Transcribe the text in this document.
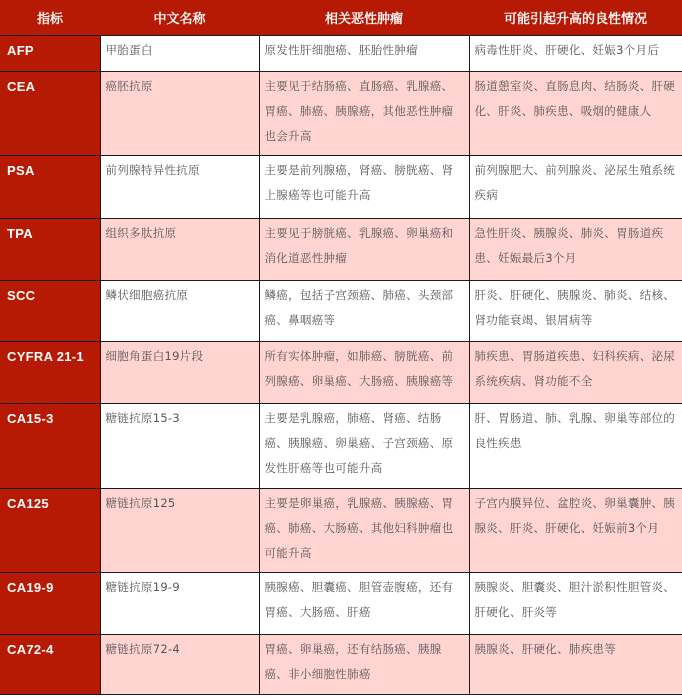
指标	中文名称	相关恶性肿瘤	可能引起升高的良性情况
AFP	甲胎蛋白	原发性肝细胞癌、胚胎性肿瘤	病毒性肝炎、肝硬化、妊娠3个月后
CEA	癌胚抗原	主要见于结肠癌、直肠癌、乳腺癌、胃癌、肺癌、胰腺癌，其他恶性肿瘤也会升高	肠道憩室炎、直肠息肉、结肠炎、肝硬化、肝炎、肺疾患、吸烟的健康人
PSA	前列腺特异性抗原	主要是前列腺癌，肾癌、膀胱癌、肾上腺癌等也可能升高	前列腺肥大、前列腺炎、泌尿生殖系统疾病
TPA	组织多肽抗原	主要见于膀胱癌、乳腺癌、卵巢癌和消化道恶性肿瘤	急性肝炎、胰腺炎、肺炎、胃肠道疾患、妊娠最后3个月
SCC	鳞状细胞癌抗原	鳞癌，包括子宫颈癌、肺癌、头颈部癌、鼻咽癌等	肝炎、肝硬化、胰腺炎、肺炎、结核、肾功能衰竭、银屑病等
CYFRA 21-1	细胞角蛋白19片段	所有实体肿瘤，如肺癌、膀胱癌、前列腺癌、卵巢癌、大肠癌、胰腺癌等	肺疾患、胃肠道疾患、妇科疾病、泌尿系统疾病、肾功能不全
CA15-3	糖链抗原15-3	主要是乳腺癌，肺癌、肾癌、结肠癌、胰腺癌、卵巢癌、子宫颈癌、原发性肝癌等也可能升高	肝、胃肠道、肺、乳腺、卵巢等部位的良性疾患
CA125	糖链抗原125	主要是卵巢癌，乳腺癌、胰腺癌、胃癌、肺癌、大肠癌、其他妇科肿瘤也可能升高	子宫内膜异位、盆腔炎、卵巢囊肿、胰腺炎、肝炎、肝硬化、妊娠前3个月
CA19-9	糖链抗原19-9	胰腺癌、胆囊癌、胆管壶腹癌，还有胃癌、大肠癌、肝癌	胰腺炎、胆囊炎、胆汁淤积性胆管炎、肝硬化、肝炎等
CA72-4	糖链抗原72-4	胃癌、卵巢癌，还有结肠癌、胰腺癌、非小细胞性肺癌	胰腺炎、肝硬化、肺疾患等
